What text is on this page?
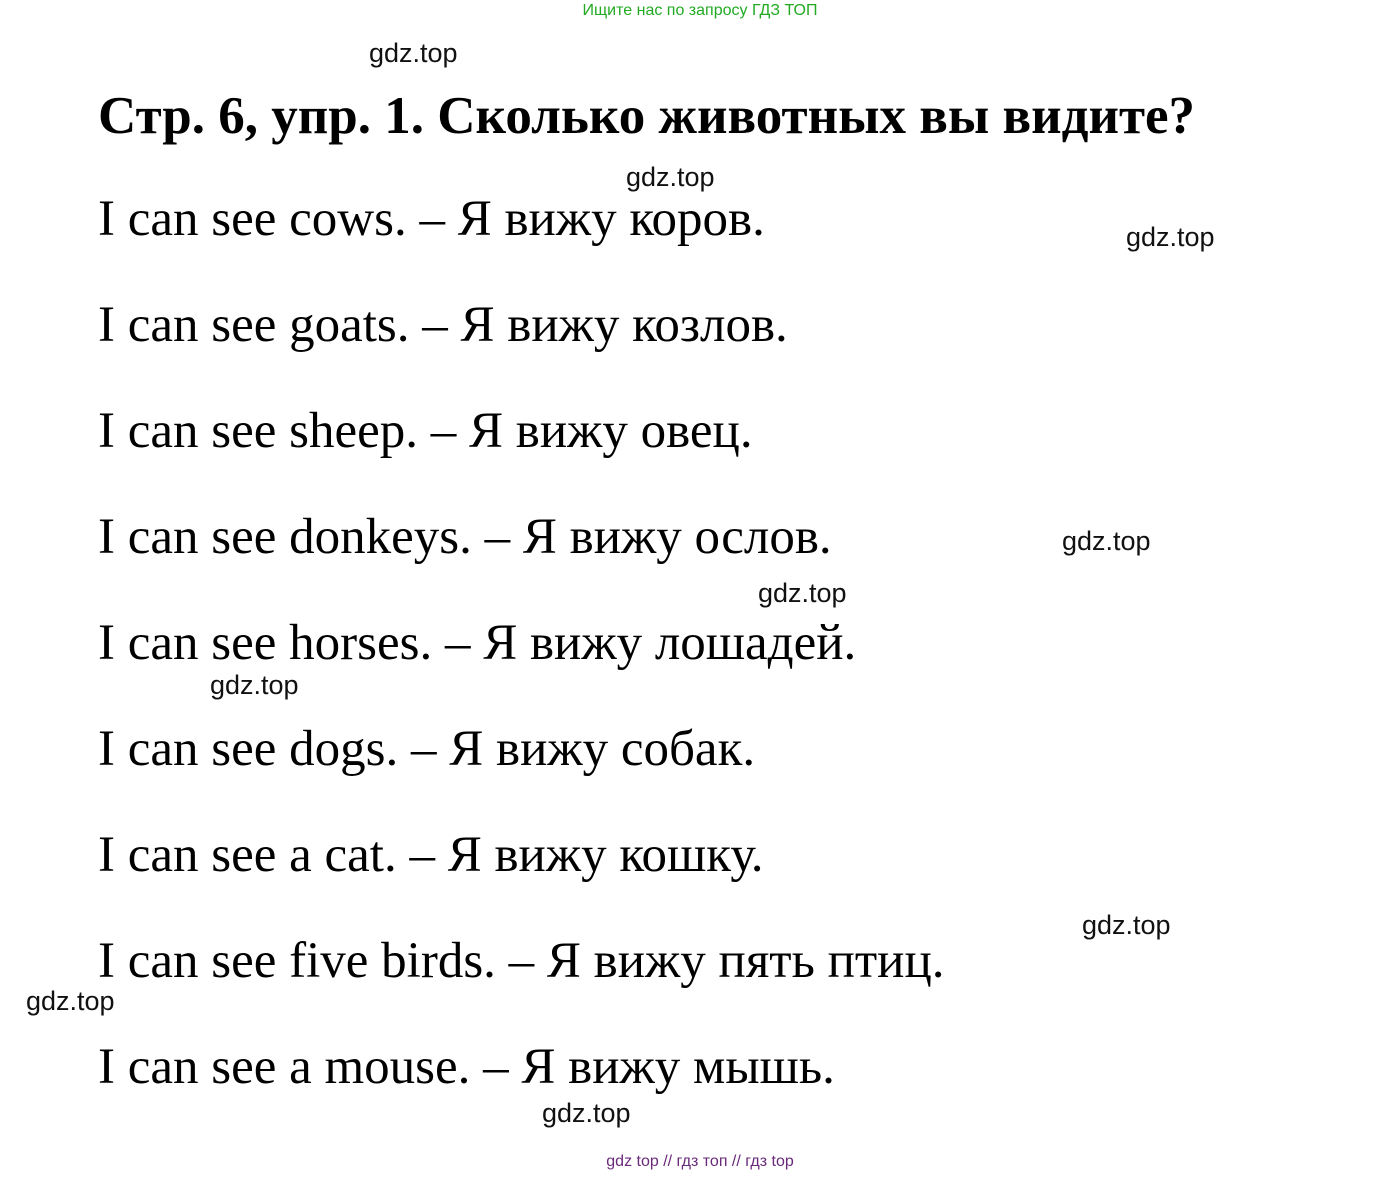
Ищите нас по запросу ГДЗ ТОП
gdz.top
Стр. 6, упр. 1. Сколько животных вы видите?
gdz.top
gdz.top
I can see cows. – Я вижу коров.
I can see goats. – Я вижу козлов.
I can see sheep. – Я вижу овец.
I can see donkeys. – Я вижу ослов.	gdz.top
gdz.top
I can see horses. – Я вижу лошадей.
gdz.top
I can see dogs. – Я вижу собак.
I can see a cat. – Я вижу кошку.
gdz.top
I can see five birds. – Я вижу пять птиц.
gdz.top
I can see a mouse. – Я вижу мышь.
gdz.top
gdz top // гдз топ // гдз top
